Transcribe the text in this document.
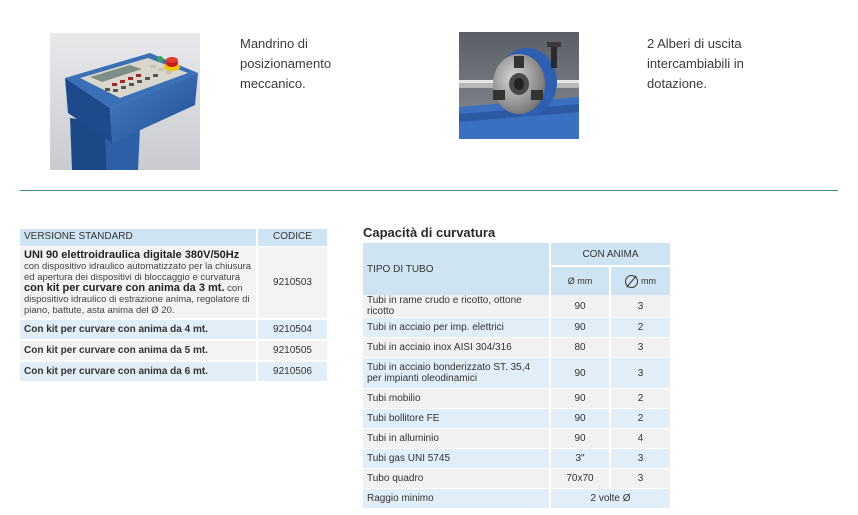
Mandrino di
posizionamento
meccanico.
2 Alberi di uscita
intercambiabili in
dotazione.
VERSIONE STANDARD	CODICE

UNI 90 elettroidraulica digitale 380V/50Hz
con dispositivo idraulico automatizzato per la chiusura ed apertura dei dispositivi di bloccaggio e curvatura con kit per curvare con anima da 3 mt. con dispositivo idraulico di estrazione anima, regolatore di piano, battute, asta anima del Ø 20.	9210503
Con kit per curvare con anima da 4 mt.	9210504
Con kit per curvare con anima da 5 mt.	9210505
Con kit per curvare con anima da 6 mt.	9210506
Capacità di curvatura
TIPO DI TUBO	CON ANIMA	
	Ø mm	mm
Tubi in rame crudo e ricotto, ottone ricotto	90	3
Tubi in acciaio per imp. elettrici	90	2
Tubi in acciaio inox AISI 304/316	80	3

Tubi in acciaio bonderizzato ST. 35,4
per impianti oleodinamici	90	3
Tubi mobilio	90	2
Tubi bollitore FE	90	2
Tubi in alluminio	90	4
Tubi gas UNI 5745	3"	3
Tubo quadro	70x70	3
Raggio minimo	2 volte Ø	
